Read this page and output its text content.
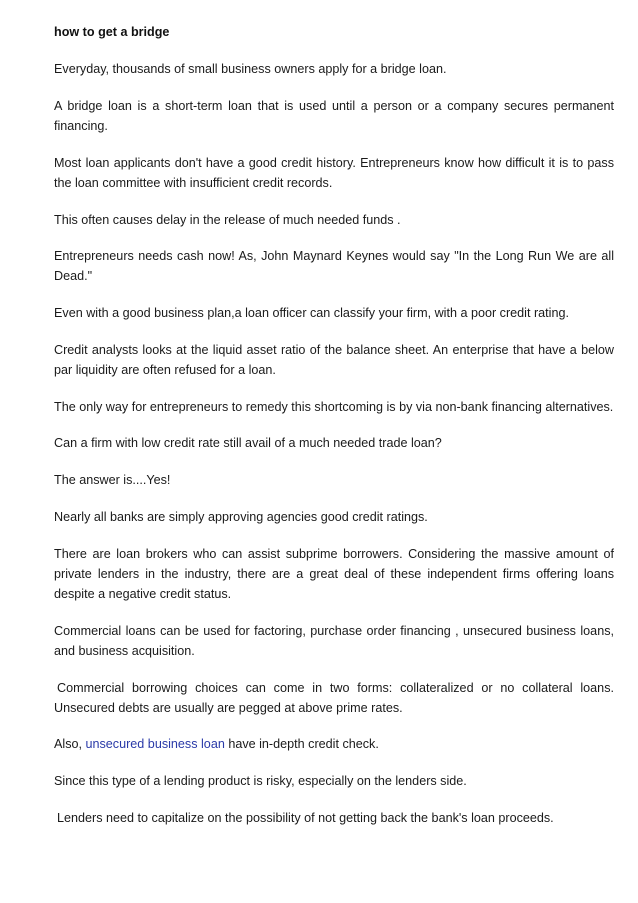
how to get a bridge

Everyday, thousands of small business owners apply for a bridge loan.

A bridge loan is a short-term loan that is used until a person or a company secures permanent financing.

Most loan applicants don't have a good credit history. Entrepreneurs know how difficult it is to pass the loan committee with insufficient credit records.

This often causes delay in the release of much needed funds .

Entrepreneurs needs cash now! As, John Maynard Keynes would say "In the Long Run We are all Dead."

Even with a good business plan,a loan officer can classify your firm, with a poor credit rating.

Credit analysts looks at the liquid asset ratio of the balance sheet. An enterprise that have a below par liquidity are often refused for a loan.

The only way for entrepreneurs to remedy this shortcoming is by via non-bank financing alternatives.

Can a firm with low credit rate still avail of a much needed trade loan?

The answer is....Yes!

Nearly all banks are simply approving agencies good credit ratings.

There are loan brokers who can assist subprime borrowers. Considering the massive amount of private lenders in the industry, there are a great deal of these independent firms offering loans despite a negative credit status.

Commercial loans can be used for factoring, purchase order financing , unsecured business loans, and business acquisition.

Commercial borrowing choices can come in two forms: collateralized or no collateral loans. Unsecured debts are usually are pegged at above prime rates.

Also, unsecured business loan have in-depth credit check.

Since this type of a lending product is risky, especially on the lenders side.

Lenders need to capitalize on the possibility of not getting back the bank's loan proceeds.
